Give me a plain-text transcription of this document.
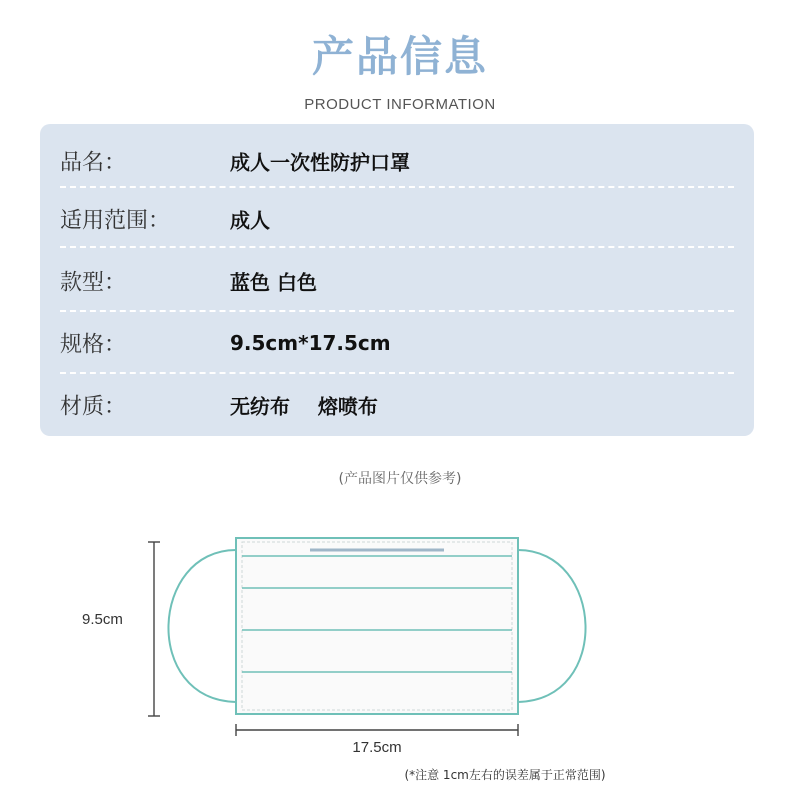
产品信息
PRODUCT INFORMATION
品名：	成人一次性防护口罩
适用范围：	成人
款型：	蓝色 白色
规格：	9.5cm*17.5cm
材质：	无纺布    熔喷布
(产品图片仅供参考)
9.5cm
17.5cm
(*注意 1cm左右的误差属于正常范围)
